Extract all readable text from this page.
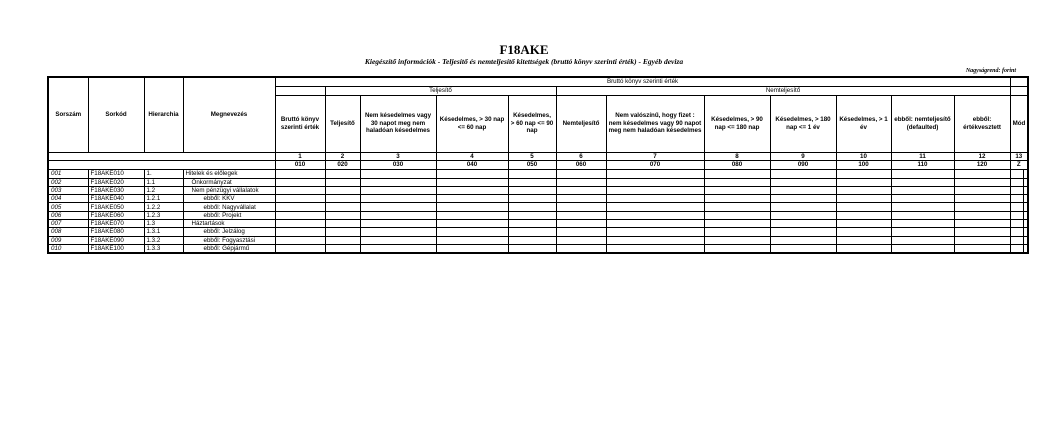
F18AKE
Kiegészítő információk - Teljesítő és nemteljesítő kitettségek (bruttó könyv szerinti érték) - Egyéb deviza
Nagyságrend: forint
Sorszám	Sorkód	Hierarchia	Megnevezés	Bruttó könyv szerinti érték													
					Teljesítő				Nemteljesítő								
				Bruttó könyv szerinti érték	Teljesítő	Nem késedelmes vagy 30 napot meg nem haladóan késedelmes	Késedelmes, > 30 nap <= 60 nap	Késedelmes, > 60 nap <= 90 nap	Nemteljesítő	Nem valószínű, hogy fizet : nem késedelmes vagy 90 napot meg nem haladóan késedelmes	Késedelmes, > 90 nap <= 180 nap	Késedelmes, > 180 nap <= 1 év	Késedelmes, > 1 év	ebből: nemteljesítő (defaulted)	ebből: értékvesztett	Mód	
				1	2	3	4	5	6	7	8	9	10	11	12	13	
				010	020	030	040	050	060	070	080	090	100	110	120	Z	
001	F18AKE010	1.	Hitelek és előlegek														
002	F18AKE020	1.1	Önkormányzat														
003	F18AKE030	1.2	Nem pénzügyi vállalatok														
004	F18AKE040	1.2.1	ebből: KKV														
005	F18AKE050	1.2.2	ebből: Nagyvállalat														
006	F18AKE060	1.2.3	ebből: Projekt														
007	F18AKE070	1.3	Háztartások														
008	F18AKE080	1.3.1	ebből: Jelzálog														
009	F18AKE090	1.3.2	ebből: Fogyasztási														
010	F18AKE100	1.3.3	ebből: Gépjármű														
